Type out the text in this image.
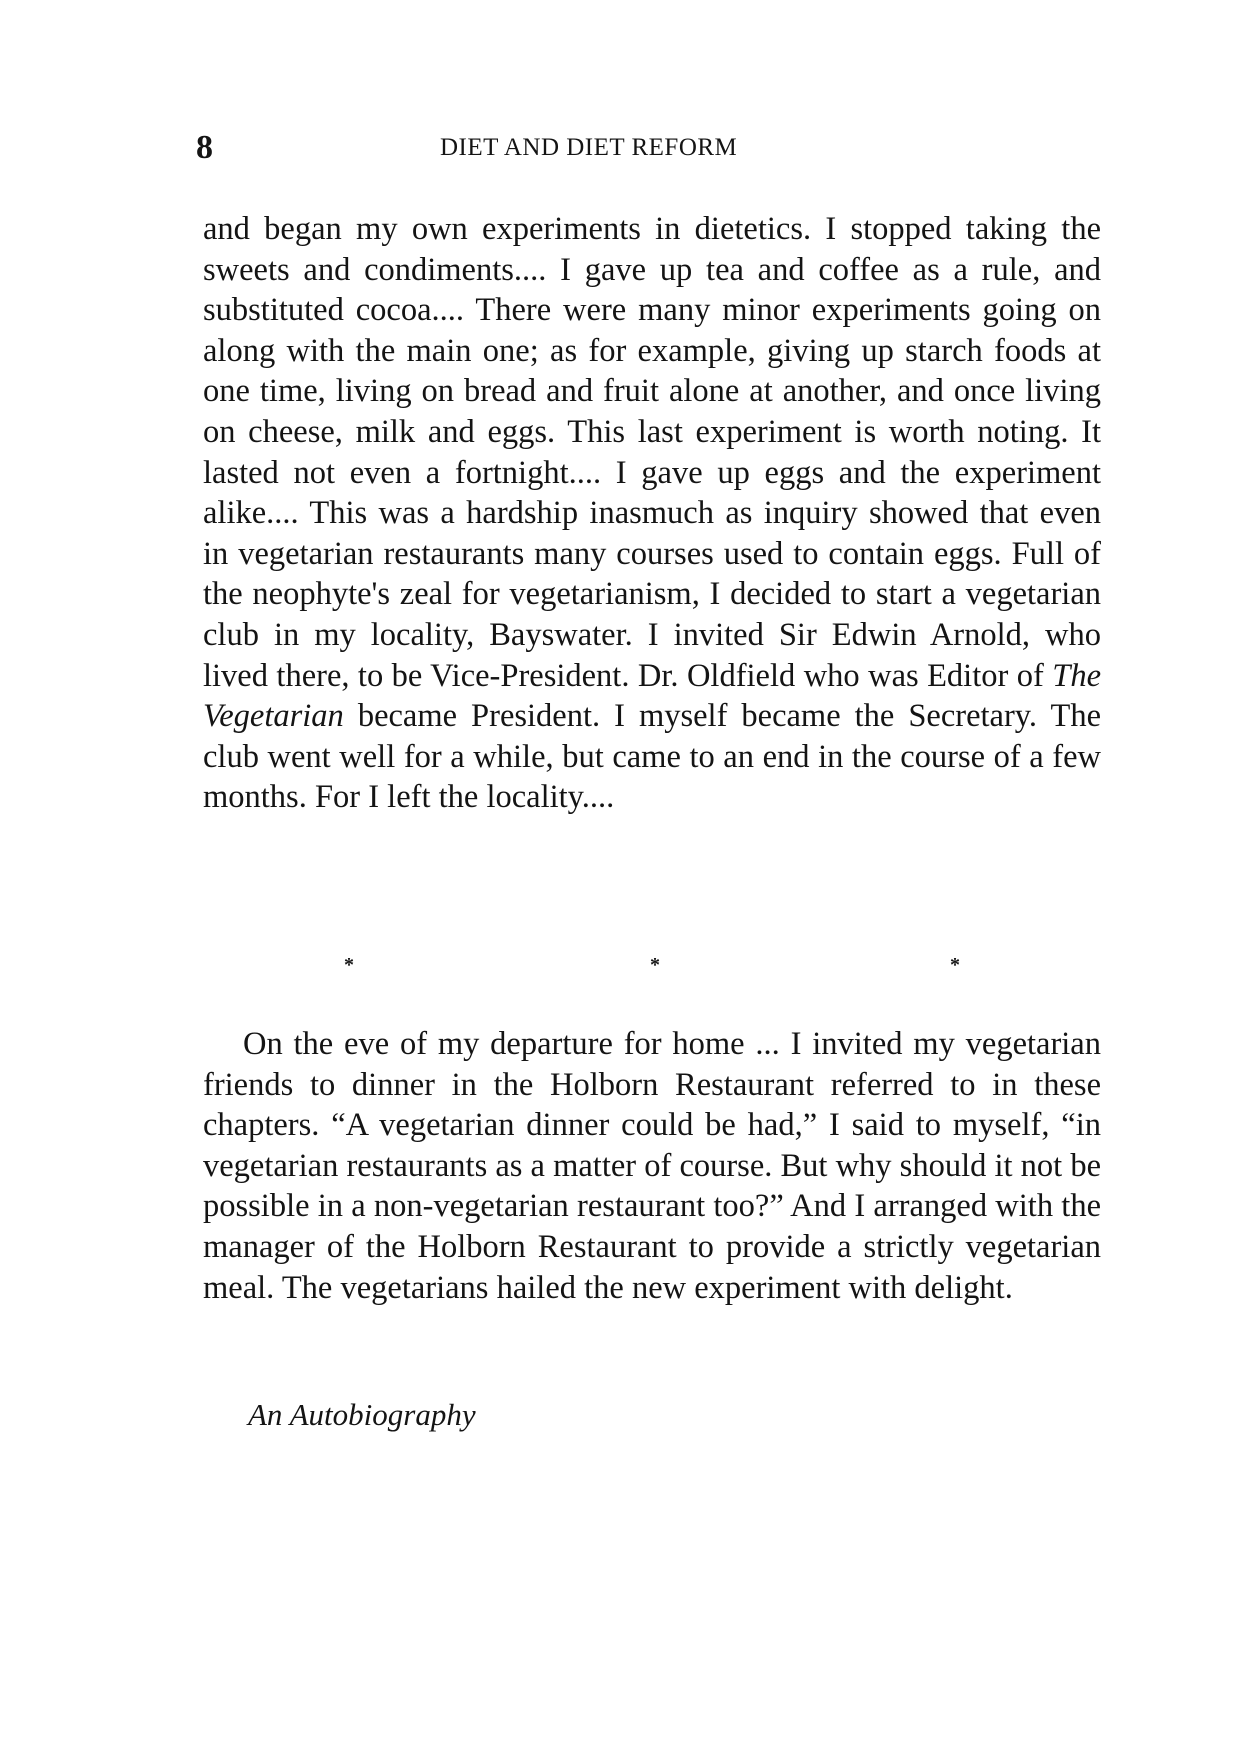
8	DIET AND DIET REFORM

and began my own experiments in dietetics. I stopped taking the sweets and condiments.... I gave up tea and coffee as a rule, and substituted cocoa.... There were many minor experiments going on along with the main one; as for example, giving up starch foods at one time, living on bread and fruit alone at another, and once living on cheese, milk and eggs. This last experiment is worth noting. It lasted not even a fortnight.... I gave up eggs and the experiment alike.... This was a hardship inasmuch as inquiry showed that even in vegetarian restaurants many courses used to contain eggs. Full of the neophyte's zeal for vegetarianism, I decided to start a vegetarian club in my locality, Bayswater. I invited Sir Edwin Arnold, who lived there, to be Vice-President. Dr. Oldfield who was Editor of The Vegetarian became President. I myself became the Secretary. The club went well for a while, but came to an end in the course of a few months. For I left the locality....

*	*	*

On the eve of my departure for home ... I invited my vegetarian friends to dinner in the Holborn Restaurant referred to in these chapters. “A vegetarian dinner could be had,” I said to myself, “in vegetarian restaurants as a matter of course. But why should it not be possible in a non-vegetarian restaurant too?” And I arranged with the manager of the Holborn Restaurant to provide a strictly vegetarian meal. The vegetarians hailed the new experiment with delight.

An Autobiography
